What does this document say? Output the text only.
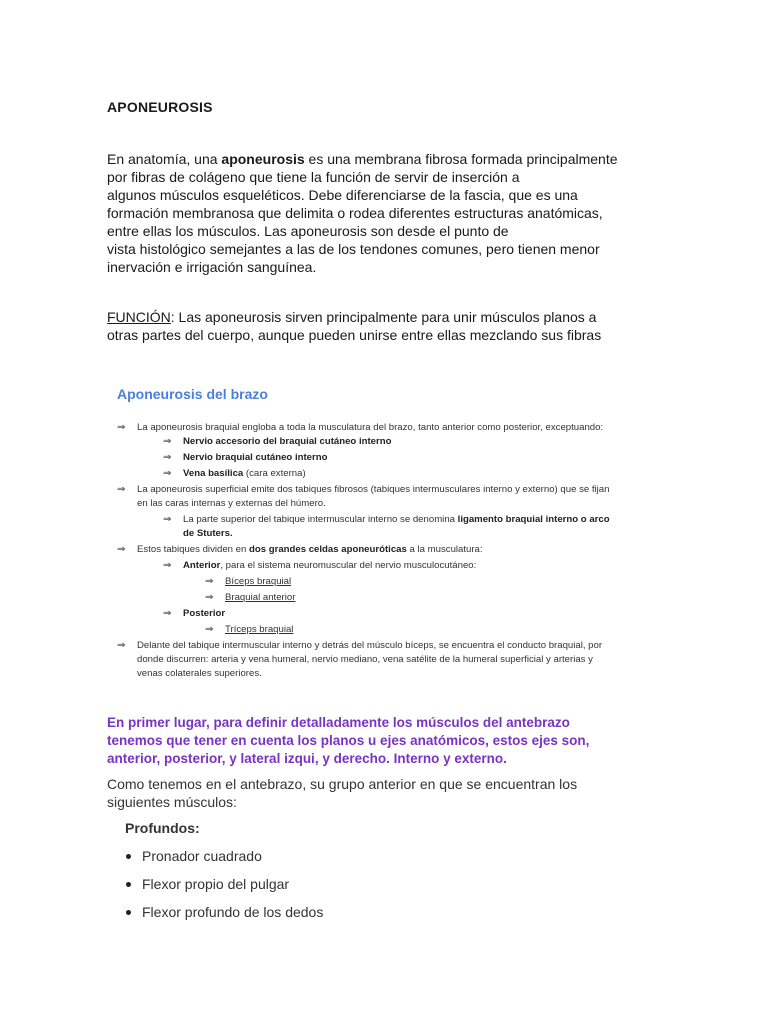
APONEUROSIS
En anatomía, una aponeurosis es una membrana fibrosa formada principalmente
por fibras de colágeno que tiene la función de servir de inserción a
algunos músculos esqueléticos. Debe diferenciarse de la fascia, que es una
formación membranosa que delimita o rodea diferentes estructuras anatómicas,
entre ellas los músculos. Las aponeurosis son desde el punto de
vista histológico semejantes a las de los tendones comunes, pero tienen menor
inervación e irrigación sanguínea.
FUNCIÓN: Las aponeurosis sirven principalmente para unir músculos planos a
otras partes del cuerpo, aunque pueden unirse entre ellas mezclando sus fibras
Aponeurosis del brazo
⇒ La aponeurosis braquial engloba a toda la musculatura del brazo, tanto anterior como posterior, exceptuando:
⇒ Nervio accesorio del braquial cutáneo interno
⇒ Nervio braquial cutáneo interno
⇒ Vena basílica (cara externa)
⇒ La aponeurosis superficial emite dos tabiques fibrosos (tabiques intermusculares interno y externo) que se fijan
en las caras internas y externas del húmero.
⇒ La parte superior del tabique intermuscular interno se denomina ligamento braquial interno o arco
de Stuters.
⇒ Estos tabiques dividen en dos grandes celdas aponeuróticas a la musculatura:
⇒ Anterior, para el sistema neuromuscular del nervio musculocutáneo:
⇒ Bíceps braquial
⇒ Braquial anterior
⇒ Posterior
⇒ Tríceps braquial
⇒ Delante del tabique intermuscular interno y detrás del músculo bíceps, se encuentra el conducto braquial, por
donde discurren: arteria y vena humeral, nervio mediano, vena satélite de la humeral superficial y arterias y
venas colaterales superiores.
En primer lugar, para definir detalladamente los músculos del antebrazo
tenemos que tener en cuenta los planos u ejes anatómicos, estos ejes son,
anterior, posterior, y lateral izqui, y derecho. Interno y externo.
Como tenemos en el antebrazo, su grupo anterior en que se encuentran los
siguientes músculos:
Profundos:
Pronador cuadrado
Flexor propio del pulgar
Flexor profundo de los dedos
